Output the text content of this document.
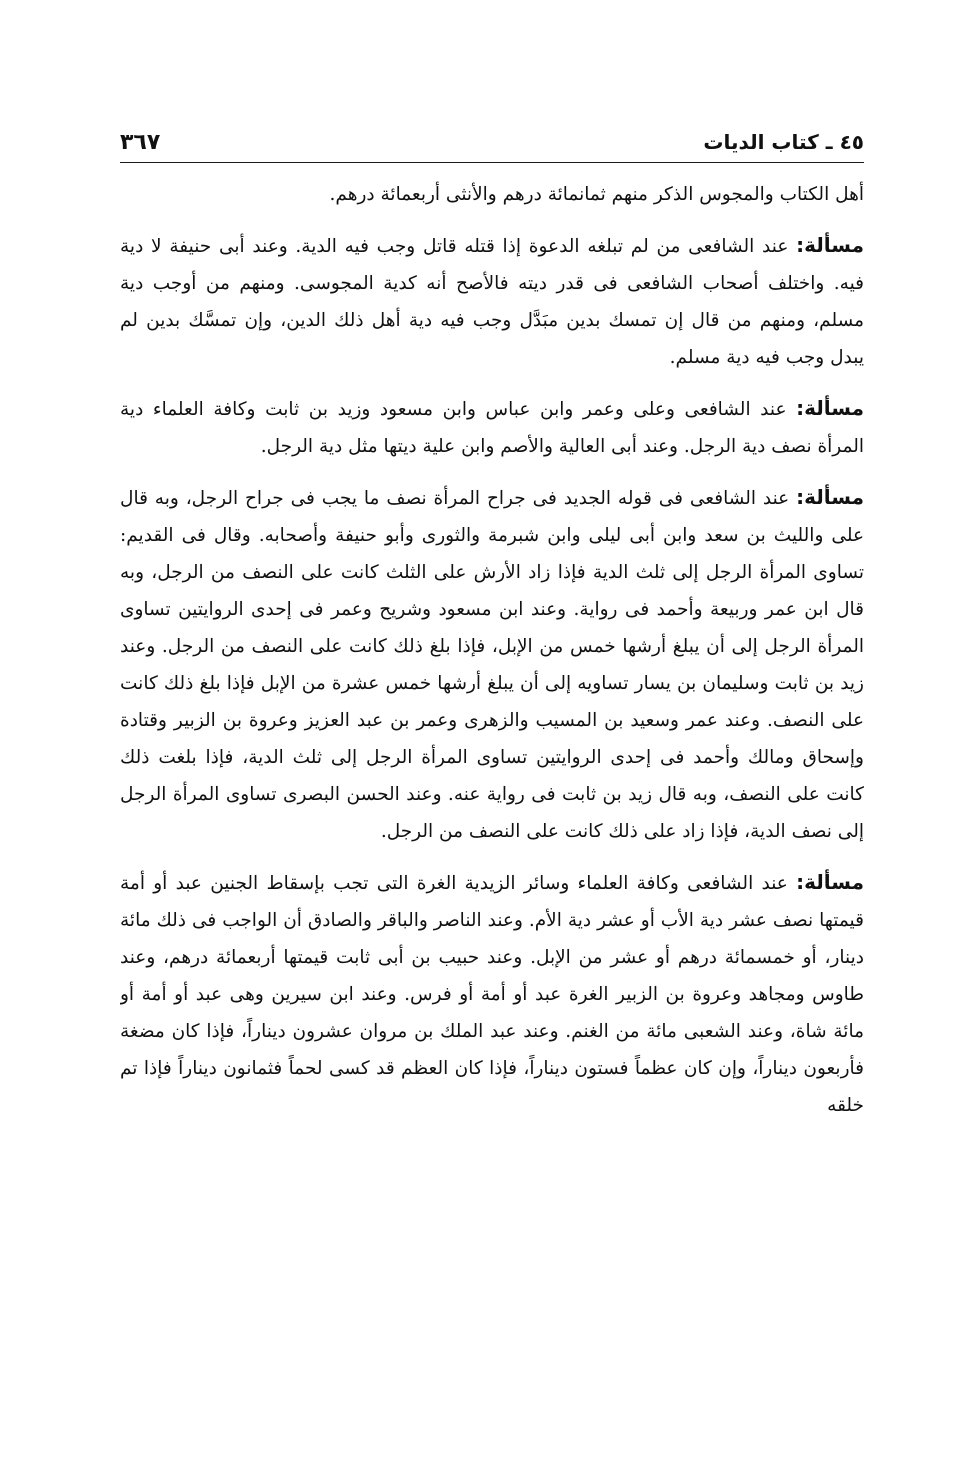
٤٥ ـ كتاب الديات
٣٦٧

أهل الكتاب والمجوس الذكر منهم ثمانمائة درهم والأنثى أربعمائة درهم.

مسألة: عند الشافعى من لم تبلغه الدعوة إذا قتله قاتل وجب فيه الدية. وعند أبى حنيفة لا دية فيه. واختلف أصحاب الشافعى فى قدر ديته فالأصح أنه كدية المجوسى. ومنهم من أوجب دية مسلم، ومنهم من قال إن تمسك بدين مبَدَّل وجب فيه دية أهل ذلك الدين، وإن تمسَّك بدين لم يبدل وجب فيه دية مسلم.

مسألة: عند الشافعى وعلى وعمر وابن عباس وابن مسعود وزيد بن ثابت وكافة العلماء دية المرأة نصف دية الرجل. وعند أبى العالية والأصم وابن علية ديتها مثل دية الرجل.

مسألة: عند الشافعى فى قوله الجديد فى جراح المرأة نصف ما يجب فى جراح الرجل، وبه قال على والليث بن سعد وابن أبى ليلى وابن شبرمة والثورى وأبو حنيفة وأصحابه. وقال فى القديم: تساوى المرأة الرجل إلى ثلث الدية فإذا زاد الأرش على الثلث كانت على النصف من الرجل، وبه قال ابن عمر وربيعة وأحمد فى رواية. وعند ابن مسعود وشريح وعمر فى إحدى الروايتين تساوى المرأة الرجل إلى أن يبلغ أرشها خمس من الإبل، فإذا بلغ ذلك كانت على النصف من الرجل. وعند زيد بن ثابت وسليمان بن يسار تساويه إلى أن يبلغ أرشها خمس عشرة من الإبل فإذا بلغ ذلك كانت على النصف. وعند عمر وسعيد بن المسيب والزهرى وعمر بن عبد العزيز وعروة بن الزبير وقتادة وإسحاق ومالك وأحمد فى إحدى الروايتين تساوى المرأة الرجل إلى ثلث الدية، فإذا بلغت ذلك كانت على النصف، وبه قال زيد بن ثابت فى رواية عنه. وعند الحسن البصرى تساوى المرأة الرجل إلى نصف الدية، فإذا زاد على ذلك كانت على النصف من الرجل.

مسألة: عند الشافعى وكافة العلماء وسائر الزيدية الغرة التى تجب بإسقاط الجنين عبد أو أمة قيمتها نصف عشر دية الأب أو عشر دية الأم. وعند الناصر والباقر والصادق أن الواجب فى ذلك مائة دينار، أو خمسمائة درهم أو عشر من الإبل. وعند حبيب بن أبى ثابت قيمتها أربعمائة درهم، وعند طاوس ومجاهد وعروة بن الزبير الغرة عبد أو أمة أو فرس. وعند ابن سيرين وهى عبد أو أمة أو مائة شاة، وعند الشعبى مائة من الغنم. وعند عبد الملك بن مروان عشرون ديناراً، فإذا كان مضغة فأربعون ديناراً، وإن كان عظماً فستون ديناراً، فإذا كان العظم قد كسى لحماً فثمانون ديناراً فإذا تم خلقه
